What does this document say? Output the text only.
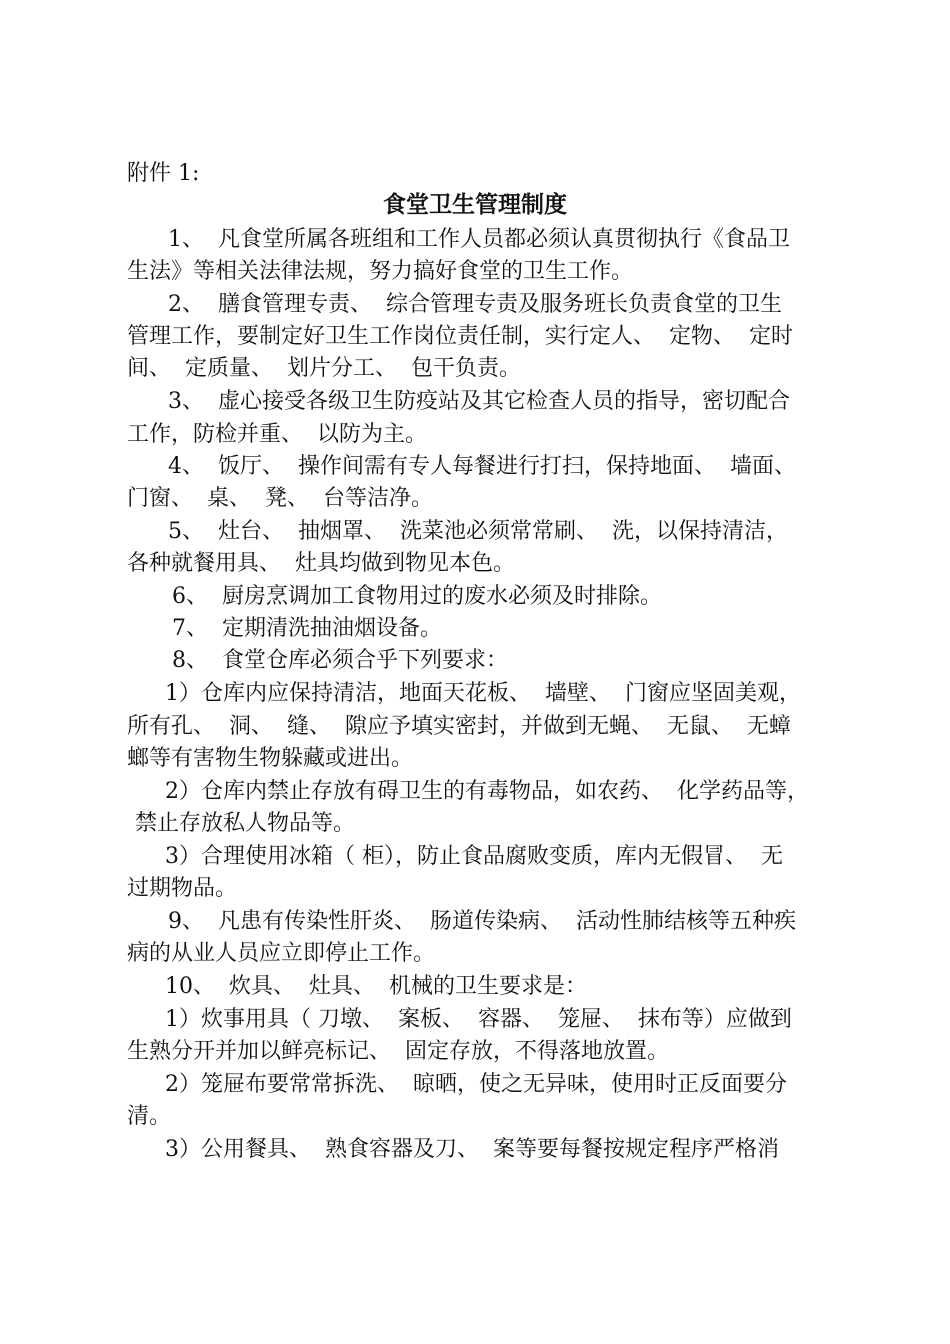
附件 1:
食堂卫生管理制度
1、  凡食堂所属各班组和工作人员都必须认真贯彻执行《食品卫
生法》等相关法律法规，努力搞好食堂的卫生工作。
2、  膳食管理专责、  综合管理专责及服务班长负责食堂的卫生
管理工作，要制定好卫生工作岗位责任制，实行定人、  定物、  定时
间、  定质量、  划片分工、  包干负责。
3、  虚心接受各级卫生防疫站及其它检查人员的指导，密切配合
工作，防检并重、  以防为主。
4、  饭厅、  操作间需有专人每餐进行打扫，保持地面、  墙面、
门窗、  桌、  凳、  台等洁净。
5、  灶台、  抽烟罩、  洗菜池必须常常刷、  洗，以保持清洁，
各种就餐用具、  灶具均做到物见本色。
6、  厨房烹调加工食物用过的废水必须及时排除。
7、  定期清洗抽油烟设备。
8、  食堂仓库必须合乎下列要求：
1）仓库内应保持清洁，地面天花板、  墙壁、  门窗应坚固美观，
所有孔、  洞、  缝、  隙应予填实密封，并做到无蝇、  无鼠、  无蟑
螂等有害物生物躲藏或进出。
2）仓库内禁止存放有碍卫生的有毒物品，如农药、  化学药品等，
禁止存放私人物品等。
3）合理使用冰箱（ 柜），防止食品腐败变质，库内无假冒、  无
过期物品。
9、  凡患有传染性肝炎、  肠道传染病、  活动性肺结核等五种疾
病的从业人员应立即停止工作。
10、  炊具、  灶具、  机械的卫生要求是：
1）炊事用具（ 刀墩、  案板、  容器、  笼屉、  抹布等）应做到
生熟分开并加以鲜亮标记、  固定存放，不得落地放置。
2）笼屉布要常常拆洗、  晾晒，使之无异味，使用时正反面要分
清。
3）公用餐具、  熟食容器及刀、  案等要每餐按规定程序严格消
